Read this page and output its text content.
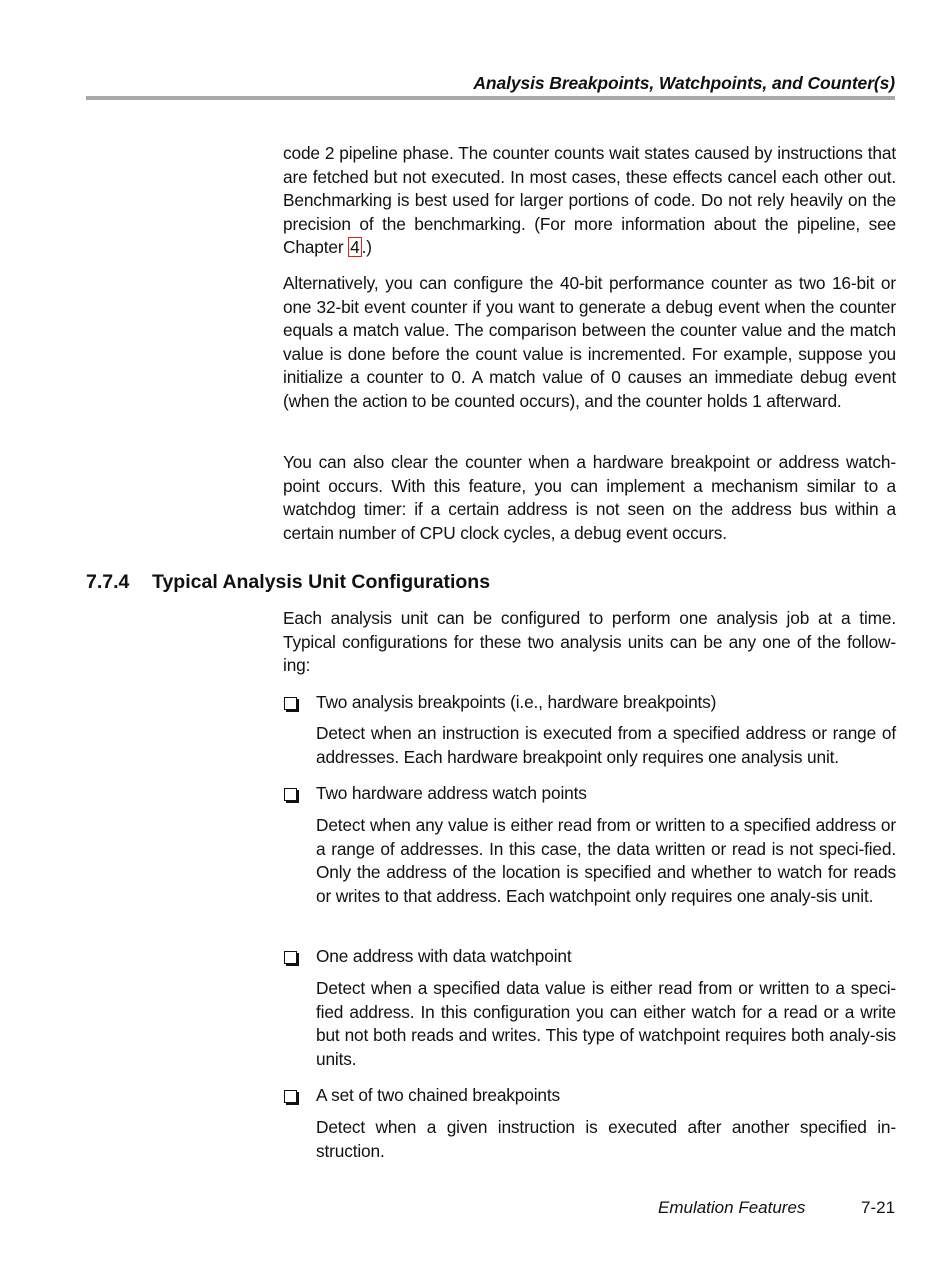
Analysis Breakpoints, Watchpoints, and Counter(s)

code 2 pipeline phase. The counter counts wait states caused by instructions that are fetched but not executed. In most cases, these effects cancel each other out. Benchmarking is best used for larger portions of code. Do not rely heavily on the precision of the benchmarking. (For more information about the pipeline, see Chapter 4 .)

Alternatively, you can configure the 40-bit performance counter as two 16-bit or one 32-bit event counter if you want to generate a debug event when the counter equals a match value. The comparison between the counter value and the match value is done before the count value is incremented. For example, suppose you initialize a counter to 0. A match value of 0 causes an immediate debug event (when the action to be counted occurs), and the counter holds 1 afterward.

You can also clear the counter when a hardware breakpoint or address watch-point occurs. With this feature, you can implement a mechanism similar to a watchdog timer: if a certain address is not seen on the address bus within a certain number of CPU clock cycles, a debug event occurs.

7.7.4 Typical Analysis Unit Configurations

Each analysis unit can be configured to perform one analysis job at a time. Typical configurations for these two analysis units can be any one of the follow-ing:

Two analysis breakpoints (i.e., hardware breakpoints)

Detect when an instruction is executed from a specified address or range of addresses. Each hardware breakpoint only requires one analysis unit.

Two hardware address watch points

Detect when any value is either read from or written to a specified address or a range of addresses. In this case, the data written or read is not speci-fied. Only the address of the location is specified and whether to watch for reads or writes to that address. Each watchpoint only requires one analy-sis unit.

One address with data watchpoint

Detect when a specified data value is either read from or written to a speci-fied address. In this configuration you can either watch for a read or a write but not both reads and writes. This type of watchpoint requires both analy-sis units.

A set of two chained breakpoints

Detect when a given instruction is executed after another specified in-struction.

Emulation Features	7-21
